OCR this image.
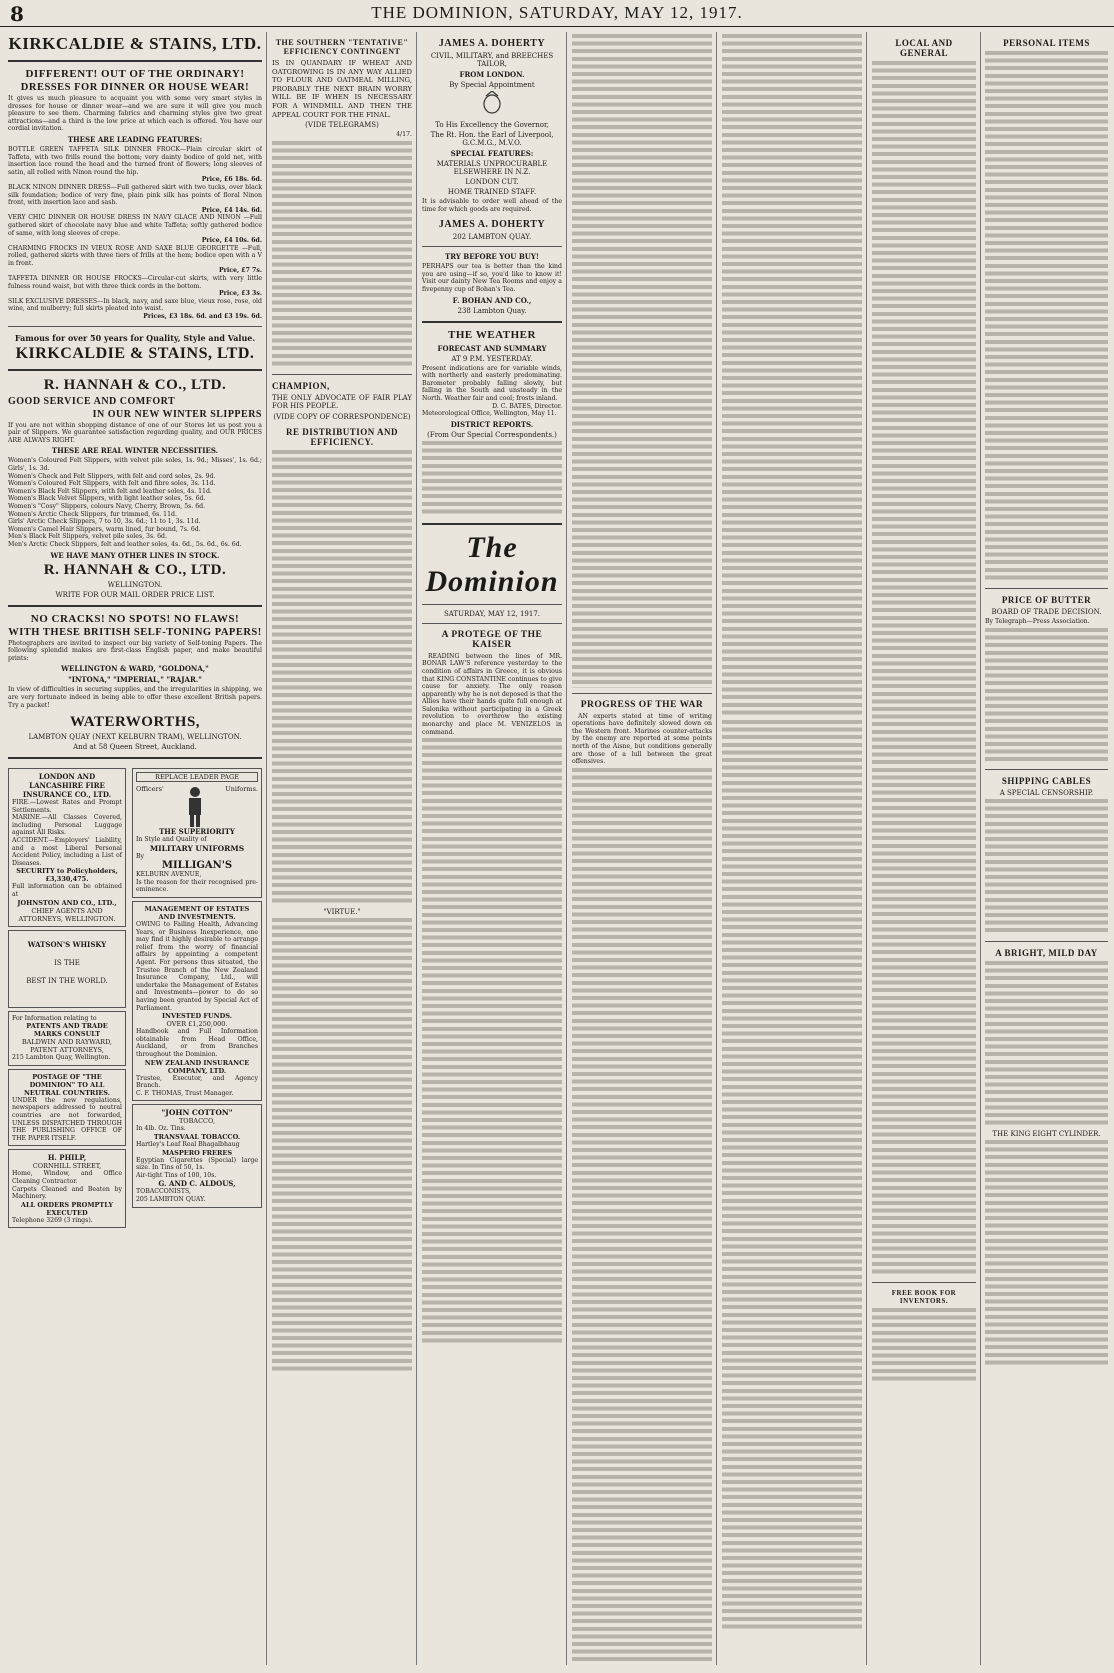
8	THE DOMINION, SATURDAY, MAY 12, 1917.
KIRKCALDIE & STAINS, LTD.
DIFFERENT! OUT OF THE ORDINARY!
DRESSES FOR DINNER OR HOUSE WEAR!
It gives us much pleasure to acquaint you with some very smart styles in dresses for house or dinner wear—and we are sure it will give you much pleasure to see them. Charming fabrics and charming styles give two great attractions—and a third is the low price at which each is offered. You have our cordial invitation.
THESE ARE LEADING FEATURES:
BOTTLE GREEN TAFFETA SILK DINNER FROCK—Plain circular skirt of Taffeta, with two frills round the bottom; very dainty bodice of gold net, with insertion lace round the head and the turned front of flowers; long sleeves of satin, all rolled with Ninon round the hip.
Price, £6 18s. 6d.
BLACK NINON DINNER DRESS—Full gathered skirt with two tucks, over black silk foundation; bodice of very fine, plain pink silk has points of floral Ninon front, with insertion lace and sash.
Price, £4 14s. 6d.
VERY CHIC DINNER OR HOUSE DRESS IN NAVY GLACE AND NINON —Full gathered skirt of chocolate navy blue and white Taffeta; softly gathered bodice of same, with long sleeves of crepe.
Price, £4 10s. 6d.
CHARMING FROCKS IN VIEUX ROSE AND SAXE BLUE GEORGETTE —Full, rolled, gathered skirts with three tiers of frills at the hem; bodice open with a V in front.
Price, £7 7s.
TAFFETA DINNER OR HOUSE FROCKS—Circular-cut skirts, with very little fulness round waist, but with three thick cords in the bottom.
Price, £3 3s.
SILK EXCLUSIVE DRESSES—In black, navy, and saxe blue, vieux rose, rose, old wine, and mulberry; full skirts pleated into waist.
Prices, £3 18s. 6d. and £3 19s. 6d.
Famous for over 50 years for Quality, Style and Value.
KIRKCALDIE & STAINS, LTD.
R. HANNAH & CO., LTD.
GOOD SERVICE AND COMFORT
IN OUR NEW WINTER SLIPPERS
If you are not within shopping distance of one of our Stores let us post you a pair of Slippers. We guarantee satisfaction regarding quality, and OUR PRICES ARE ALWAYS RIGHT.
THESE ARE REAL WINTER NECESSITIES.
Women's Coloured Felt Slippers, with velvet pile soles, 1s. 9d.; Misses', 1s. 6d.; Girls', 1s. 3d.
Women's Check and Felt Slippers, with felt and cord soles, 2s. 9d.
Women's Coloured Felt Slippers, with felt and fibre soles, 3s. 11d.
Women's Black Felt Slippers, with felt and leather soles, 4s. 11d.
Women's Black Velvet Slippers, with light leather soles, 5s. 6d.
Women's "Cosy" Slippers, colours Navy, Cherry, Brown, 5s. 6d.
Women's Arctic Check Slippers, fur trimmed, 6s. 11d.
Girls' Arctic Check Slippers, 7 to 10, 3s. 6d.; 11 to 1, 3s. 11d.
Women's Camel Hair Slippers, warm lined, fur bound, 7s. 6d.
Men's Black Felt Slippers, velvet pile soles, 3s. 6d.
Men's Arctic Check Slippers, felt and leather soles, 4s. 6d., 5s. 6d., 6s. 6d.
WE HAVE MANY OTHER LINES IN STOCK.
R. HANNAH & CO., LTD.
WELLINGTON.
WRITE FOR OUR MAIL ORDER PRICE LIST.
NO CRACKS! NO SPOTS! NO FLAWS!
WITH THESE BRITISH SELF-TONING PAPERS!
Photographers are invited to inspect our big variety of Self-toning Papers. The following splendid makes are first-class English paper, and make beautiful prints:
WELLINGTON & WARD, "GOLDONA,"
"INTONA," "IMPERIAL," "RAJAR."
In view of difficulties in securing supplies, and the irregularities in shipping, we are very fortunate indeed in being able to offer these excellent British papers. Try a packet!
WATERWORTHS,
LAMBTON QUAY (NEXT KELBURN TRAM), WELLINGTON.
And at 58 Queen Street, Auckland.
LONDON AND LANCASHIRE FIRE INSURANCE CO., LTD.
FIRE.—Lowest Rates and Prompt Settlements.
MARINE.—All Classes Covered, including Personal Luggage against All Risks.
ACCIDENT.—Employers' Liability, and a most Liberal Personal Accident Policy, including a List of Diseases.
SECURITY to Policyholders, £3,330,475.
Full information can be obtained at
JOHNSTON AND CO., LTD.,
CHIEF AGENTS AND ATTORNEYS, WELLINGTON.
WATSON'S WHISKY
IS THE
BEST IN THE WORLD.
For Information relating to
PATENTS AND TRADE MARKS CONSULT
BALDWIN AND RAYWARD,
PATENT ATTORNEYS,
215 Lambton Quay, Wellington.
POSTAGE OF "THE DOMINION" TO ALL NEUTRAL COUNTRIES.
UNDER the new regulations, newspapers addressed to neutral countries are not forwarded, UNLESS DISPATCHED THROUGH THE PUBLISHING OFFICE OF THE PAPER ITSELF.
H. PHILP,
CORNHILL STREET,
Home, Window, and Office Cleaning Contractor.
Carpets Cleaned and Beaten by Machinery.
ALL ORDERS PROMPTLY EXECUTED
Telephone 3269 (3 rings).
REPLACE LEADER PAGE
Officers'	Uniforms.
THE SUPERIORITY
In Style and Quality of
MILITARY UNIFORMS
By
MILLIGAN'S
KELBURN AVENUE,
Is the reason for their recognised pre-eminence.
MANAGEMENT OF ESTATES AND INVESTMENTS.
OWING to Failing Health, Advancing Years, or Business Inexperience, one may find it highly desirable to arrange relief from the worry of financial affairs by appointing a competent Agent. For persons thus situated, the Trustee Branch of the New Zealand Insurance Company, Ltd., will undertake the Management of Estates and Investments—power to do so having been granted by Special Act of Parliament.
INVESTED FUNDS.
OVER £1,250,000.
Handbook and Full Information obtainable from Head Office, Auckland, or from Branches throughout the Dominion.
NEW ZEALAND INSURANCE COMPANY, LTD.
Trustee, Executor, and Agency Branch.
C. F. THOMAS, Trust Manager.
"JOHN COTTON"
TOBACCO,
In 4lb. Oz. Tins.
TRANSVAAL TOBACCO.
Hartley's Leaf Real Bhagalbhaug
MASPERO FRERES
Egyptian Cigarettes (Special) large size. In Tins of 50, 1s.
Air-tight Tins of 100, 10s.
G. AND C. ALDOUS,
TOBACCONISTS,
205 LAMBTON QUAY.
THE SOUTHERN "TENTATIVE" EFFICIENCY CONTINGENT
IS IN QUANDARY IF WHEAT AND OATGROWING IS IN ANY WAY ALLIED TO FLOUR AND OATMEAL MILLING, PROBABLY THE NEXT BRAIN WORRY WILL BE IF WHEN IS NECESSARY FOR A WINDMILL AND THEN THE APPEAL COURT FOR THE FINAL.
(VIDE TELEGRAMS)
4/17.
CHAMPION,
THE ONLY ADVOCATE OF FAIR PLAY FOR HIS PEOPLE.
(VIDE COPY OF CORRESPONDENCE)
RE DISTRIBUTION AND EFFICIENCY.
"VIRTUE."
JAMES A. DOHERTY
CIVIL, MILITARY, and BREECHES TAILOR,
FROM LONDON.
By Special Appointment
To His Excellency the Governor,
The Rt. Hon. the Earl of Liverpool, G.C.M.G., M.V.O.
SPECIAL FEATURES:
MATERIALS UNPROCURABLE ELSEWHERE IN N.Z.
LONDON CUT.
HOME TRAINED STAFF.
It is advisable to order well ahead of the time for which goods are required.
JAMES A. DOHERTY
202 LAMBTON QUAY.
TRY BEFORE YOU BUY!
PERHAPS our tea is better than the kind you are using—if so, you'd like to know it! Visit our dainty New Tea Rooms and enjoy a fivepenny cup of Bohan's Tea.
F. BOHAN AND CO.,
238 Lambton Quay.
THE WEATHER
FORECAST AND SUMMARY
AT 9 P.M. YESTERDAY.
Present indications are for variable winds, with northerly and easterly predominating. Barometer probably falling slowly, but falling in the South and unsteady in the North. Weather fair and cool; frosts inland.
D. C. BATES, Director.
Meteorological Office, Wellington, May 11.
DISTRICT REPORTS.
(From Our Special Correspondents.)
The Dominion
SATURDAY, MAY 12, 1917.
A PROTEGE OF THE KAISER
READING between the lines of MR. BONAR LAW'S reference yesterday to the condition of affairs in Greece, it is obvious that KING CONSTANTINE continues to give cause for anxiety. The only reason apparently why he is not deposed is that the Allies have their hands quite full enough at Salonika without participating in a Greek revolution to overthrow the existing monarchy and place M. VENIZELOS in command.
PROGRESS OF THE WAR
AN experts stated at time of writing operations have definitely slowed down on the Western front. Marines counter-attacks by the enemy are reported at some points north of the Aisne, but conditions generally are those of a lull between the great offensives.
LOCAL AND GENERAL
FREE BOOK FOR INVENTORS.
PERSONAL ITEMS
PRICE OF BUTTER
BOARD OF TRADE DECISION.
By Telegraph—Press Association.
SHIPPING CABLES
A SPECIAL CENSORSHIP.
A BRIGHT, MILD DAY
THE KING EIGHT CYLINDER.
